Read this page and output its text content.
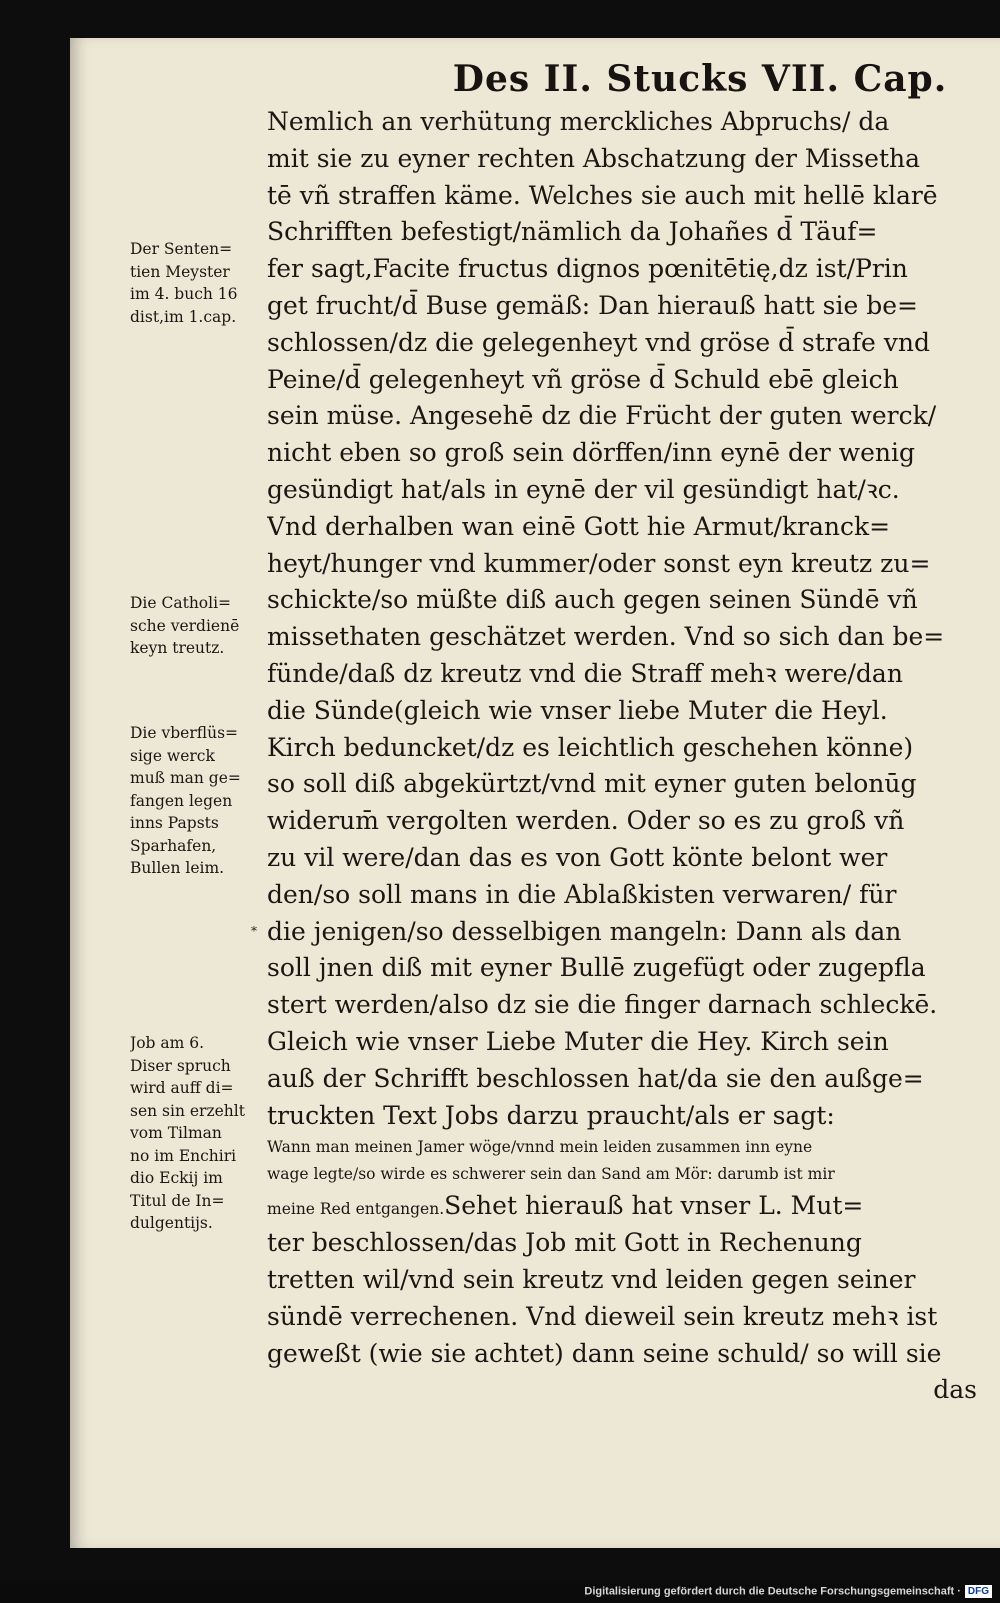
Des II. Stucks VII. Cap.
Nemlich an verhütung merckliches Abpruchs/ da
mit sie zu eyner rechten Abschatzung der Missetha
tē vñ straffen käme. Welches sie auch mit hellē klarē
Schrifften befestigt/nämlich da Johañes d̄ Täuf=
fer sagt,Facite fructus dignos pœnitētię,dz ist/Prin
get frucht/d̄ Buse gemäß: Dan hierauß hatt sie be=
schlossen/dz die gelegenheyt vnd gröse d̄ strafe vnd
Peine/d̄ gelegenheyt vñ gröse d̄ Schuld ebē gleich
sein müse. Angesehē dz die Frücht der guten werck/
nicht eben so groß sein dörffen/inn eynē der wenig
gesündigt hat/als in eynē der vil gesündigt hat/ꝛc.
Vnd derhalben wan einē Gott hie Armut/kranck=
heyt/hunger vnd kummer/oder sonst eyn kreutz zu=
schickte/so müßte diß auch gegen seinen Sündē vñ
missethaten geschätzet werden. Vnd so sich dan be=
fünde/daß dz kreutz vnd die Straff mehꝛ were/dan
die Sünde(gleich wie vnser liebe Muter die Heyl.
Kirch beduncket/dz es leichtlich geschehen könne)
so soll diß abgekürtzt/vnd mit eyner guten belonūg
widerum̄ vergolten werden. Oder so es zu groß vñ
zu vil were/dan das es von Gott könte belont wer
den/so soll mans in die Ablaßkisten verwaren/ für
die jenigen/so desselbigen mangeln: Dann als dan
soll jnen diß mit eyner Bullē zugefügt oder zugepfla
stert werden/also dz sie die finger darnach schleckē.
Gleich wie vnser Liebe Muter die Hey. Kirch sein
auß der Schrifft beschlossen hat/da sie den außge=
truckten Text Jobs darzu praucht/als er sagt:
Wann man meinen Jamer wöge/vnnd mein leiden zusammen inn eyne
wage legte/so wirde es schwerer sein dan Sand am Mör: darumb ist mir
meine Red entgangen.Sehet hierauß hat vnser L. Mut=
ter beschlossen/das Job mit Gott in Rechenung
tretten wil/vnd sein kreutz vnd leiden gegen seiner
sündē verrechenen. Vnd dieweil sein kreutz mehꝛ ist
geweßt (wie sie achtet) dann seine schuld/ so will sie
das
Der Senten=
tien Meyster
im 4. buch 16
dist,im 1.cap.
Die Catholi=
sche verdienē
keyn treutz.
Die vberflüs=
sige werck
muß man ge=
fangen legen
inns Papsts
Sparhafen,
Bullen leim.
*
Job am 6.
Diser spruch
wird auff di=
sen sin erzehlt
vom Tilman
no im Enchiri
dio Eckij im
Titul de In=
dulgentijs.
Digitalisierung gefördert durch die Deutsche Forschungsgemeinschaft · DFG
